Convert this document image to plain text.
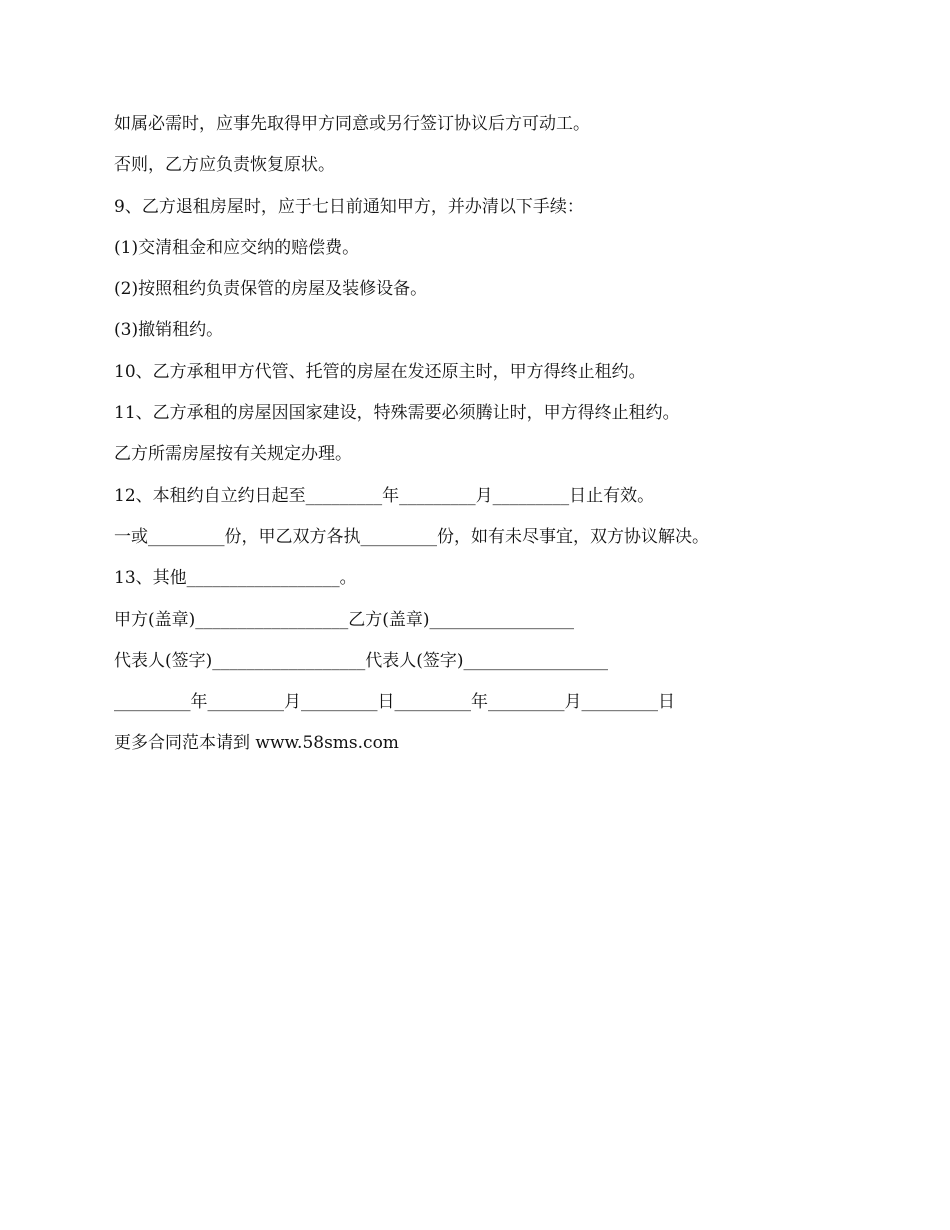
如属必需时，应事先取得甲方同意或另行签订协议后方可动工。
否则，乙方应负责恢复原状。
9、乙方退租房屋时，应于七日前通知甲方，并办清以下手续：
(1)交清租金和应交纳的赔偿费。
(2)按照租约负责保管的房屋及装修设备。
(3)撤销租约。
10、乙方承租甲方代管、托管的房屋在发还原主时，甲方得终止租约。
11、乙方承租的房屋因国家建设，特殊需要必须腾让时，甲方得终止租约。
乙方所需房屋按有关规定办理。
12、本租约自立约日起至_________年_________月_________日止有效。
一或_________份，甲乙双方各执_________份，如有未尽事宜，双方协议解决。
13、其他__________________。
甲方(盖章)__________________乙方(盖章)_________________
代表人(签字)__________________代表人(签字)_________________
_________年_________月_________日_________年_________月_________日
更多合同范本请到 www.58sms.com
